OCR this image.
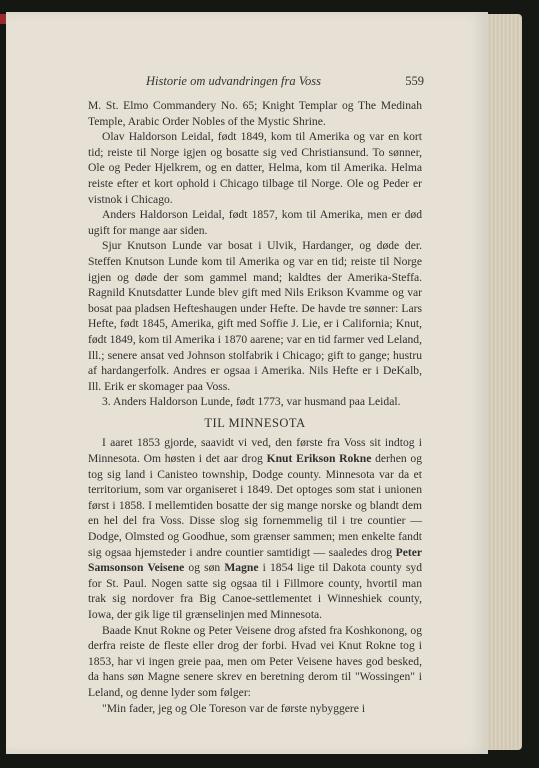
Historie om udvandringen fra Voss	559

M. St. Elmo Commandery No. 65; Knight Templar og The Medinah Temple, Arabic Order Nobles of the Mystic Shrine.

Olav Haldorson Leidal, født 1849, kom til Amerika og var en kort tid; reiste til Norge igjen og bosatte sig ved Christiansund. To sønner, Ole og Peder Hjelkrem, og en datter, Helma, kom til Amerika. Helma reiste efter et kort ophold i Chicago tilbage til Norge. Ole og Peder er vistnok i Chicago.

Anders Haldorson Leidal, født 1857, kom til Amerika, men er død ugift for mange aar siden.

Sjur Knutson Lunde var bosat i Ulvik, Hardanger, og døde der. Steffen Knutson Lunde kom til Amerika og var en tid; reiste til Norge igjen og døde der som gammel mand; kaldtes der Amerika-Steffa. Ragnild Knutsdatter Lunde blev gift med Nils Erikson Kvamme og var bosat paa pladsen Hefteshaugen under Hefte. De havde tre sønner: Lars Hefte, født 1845, Amerika, gift med Soffie J. Lie, er i California; Knut, født 1849, kom til Amerika i 1870 aarene; var en tid farmer ved Leland, Ill.; senere ansat ved Johnson stolfabrik i Chicago; gift to gange; hustru af hardangerfolk. Andres er ogsaa i Amerika. Nils Hefte er i DeKalb, Ill. Erik er skomager paa Voss.

3. Anders Haldorson Lunde, født 1773, var husmand paa Leidal.

TIL MINNESOTA

I aaret 1853 gjorde, saavidt vi ved, den første fra Voss sit indtog i Minnesota. Om høsten i det aar drog Knut Erikson Rokne derhen og tog sig land i Canisteo township, Dodge county. Minnesota var da et territorium, som var organiseret i 1849. Det optoges som stat i unionen først i 1858. I mellemtiden bosatte der sig mange norske og blandt dem en hel del fra Voss. Disse slog sig fornemmelig til i tre countier — Dodge, Olmsted og Goodhue, som grænser sammen; men enkelte fandt sig ogsaa hjemsteder i andre countier samtidigt — saaledes drog Peter Samsonson Veisene og søn Magne i 1854 lige til Dakota county syd for St. Paul. Nogen satte sig ogsaa til i Fillmore county, hvortil man trak sig nordover fra Big Canoe-settlementet i Winneshiek county, Iowa, der gik lige til grænselinjen med Minnesota.

Baade Knut Rokne og Peter Veisene drog afsted fra Koshkonong, og derfra reiste de fleste eller drog der forbi. Hvad vei Knut Rokne tog i 1853, har vi ingen greie paa, men om Peter Veisene haves god besked, da hans søn Magne senere skrev en beretning derom til "Wossingen" i Leland, og denne lyder som følger:

"Min fader, jeg og Ole Toreson var de første nybyggere i
